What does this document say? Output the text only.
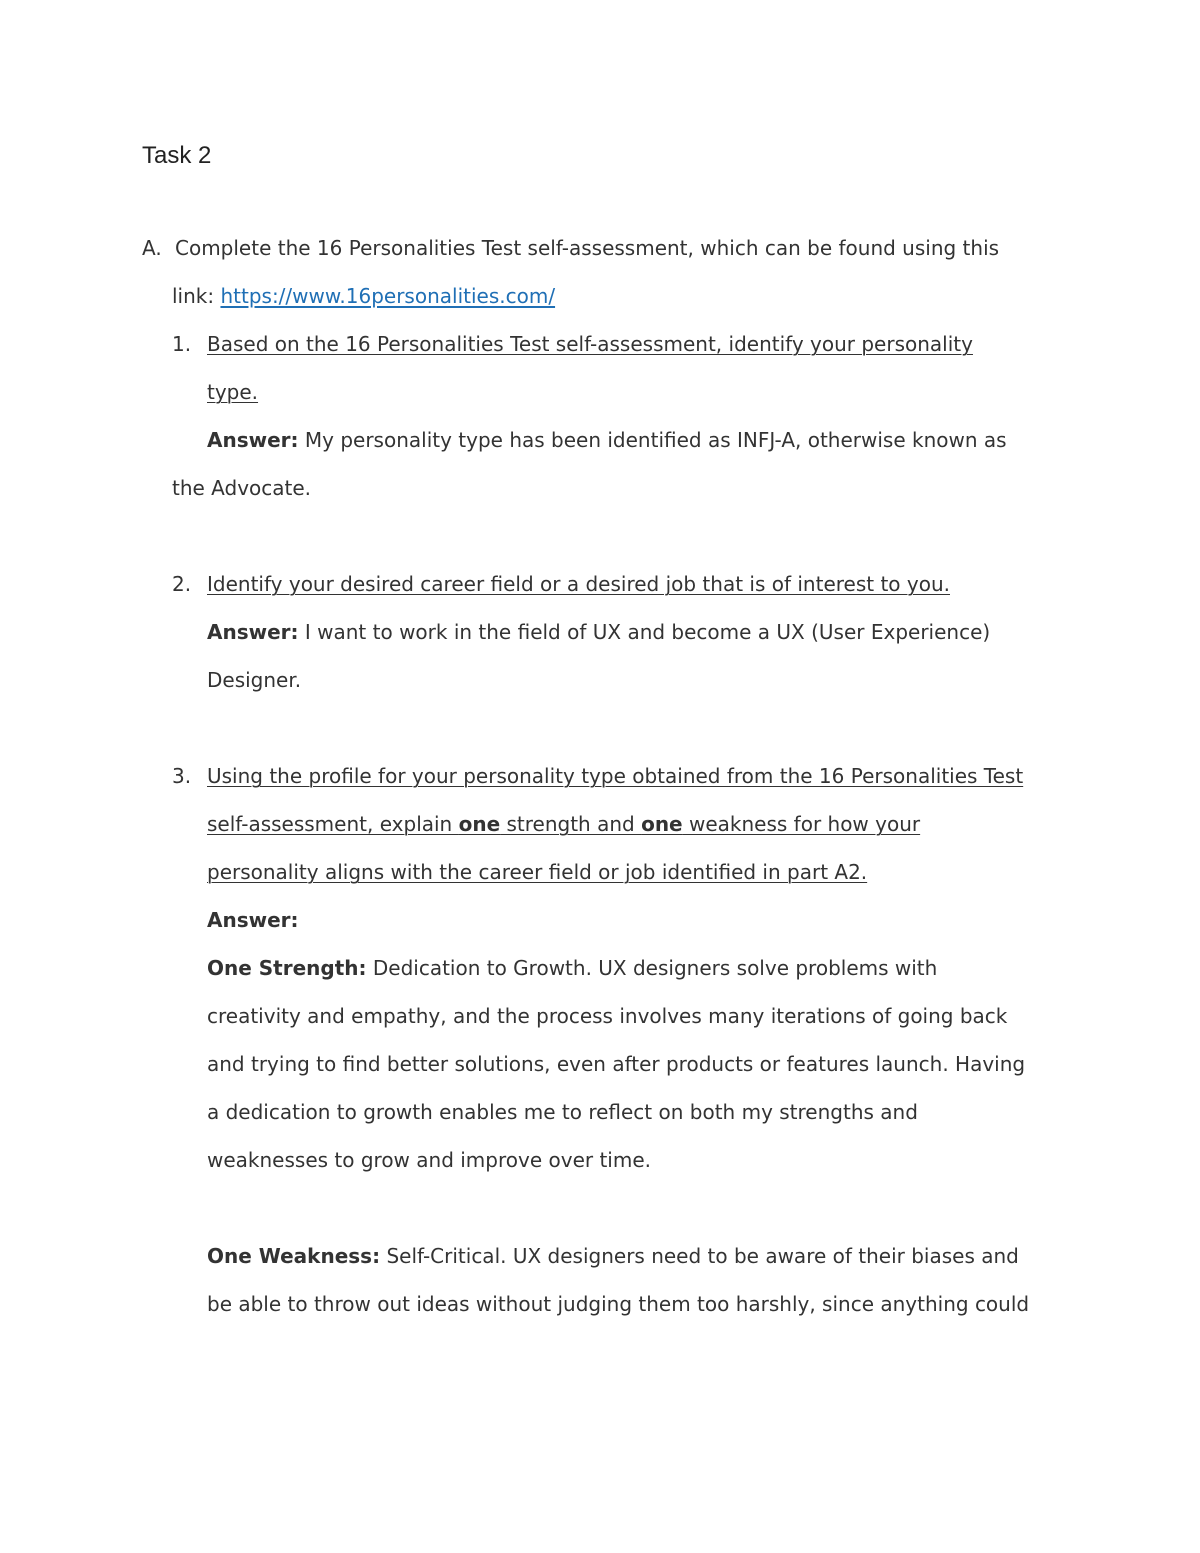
Task 2
A. Complete the 16 Personalities Test self-assessment, which can be found using this
link: https://www.16personalities.com/
1. Based on the 16 Personalities Test self-assessment, identify your personality
type.
Answer: My personality type has been identified as INFJ-A, otherwise known as
the Advocate.
2. Identify your desired career field or a desired job that is of interest to you.
Answer: I want to work in the field of UX and become a UX (User Experience)
Designer.
3. Using the profile for your personality type obtained from the 16 Personalities Test
self-assessment, explain one strength and one weakness for how your
personality aligns with the career field or job identified in part A2.
Answer:
One Strength: Dedication to Growth. UX designers solve problems with
creativity and empathy, and the process involves many iterations of going back
and trying to find better solutions, even after products or features launch. Having
a dedication to growth enables me to reflect on both my strengths and
weaknesses to grow and improve over time.
One Weakness: Self-Critical. UX designers need to be aware of their biases and
be able to throw out ideas without judging them too harshly, since anything could
